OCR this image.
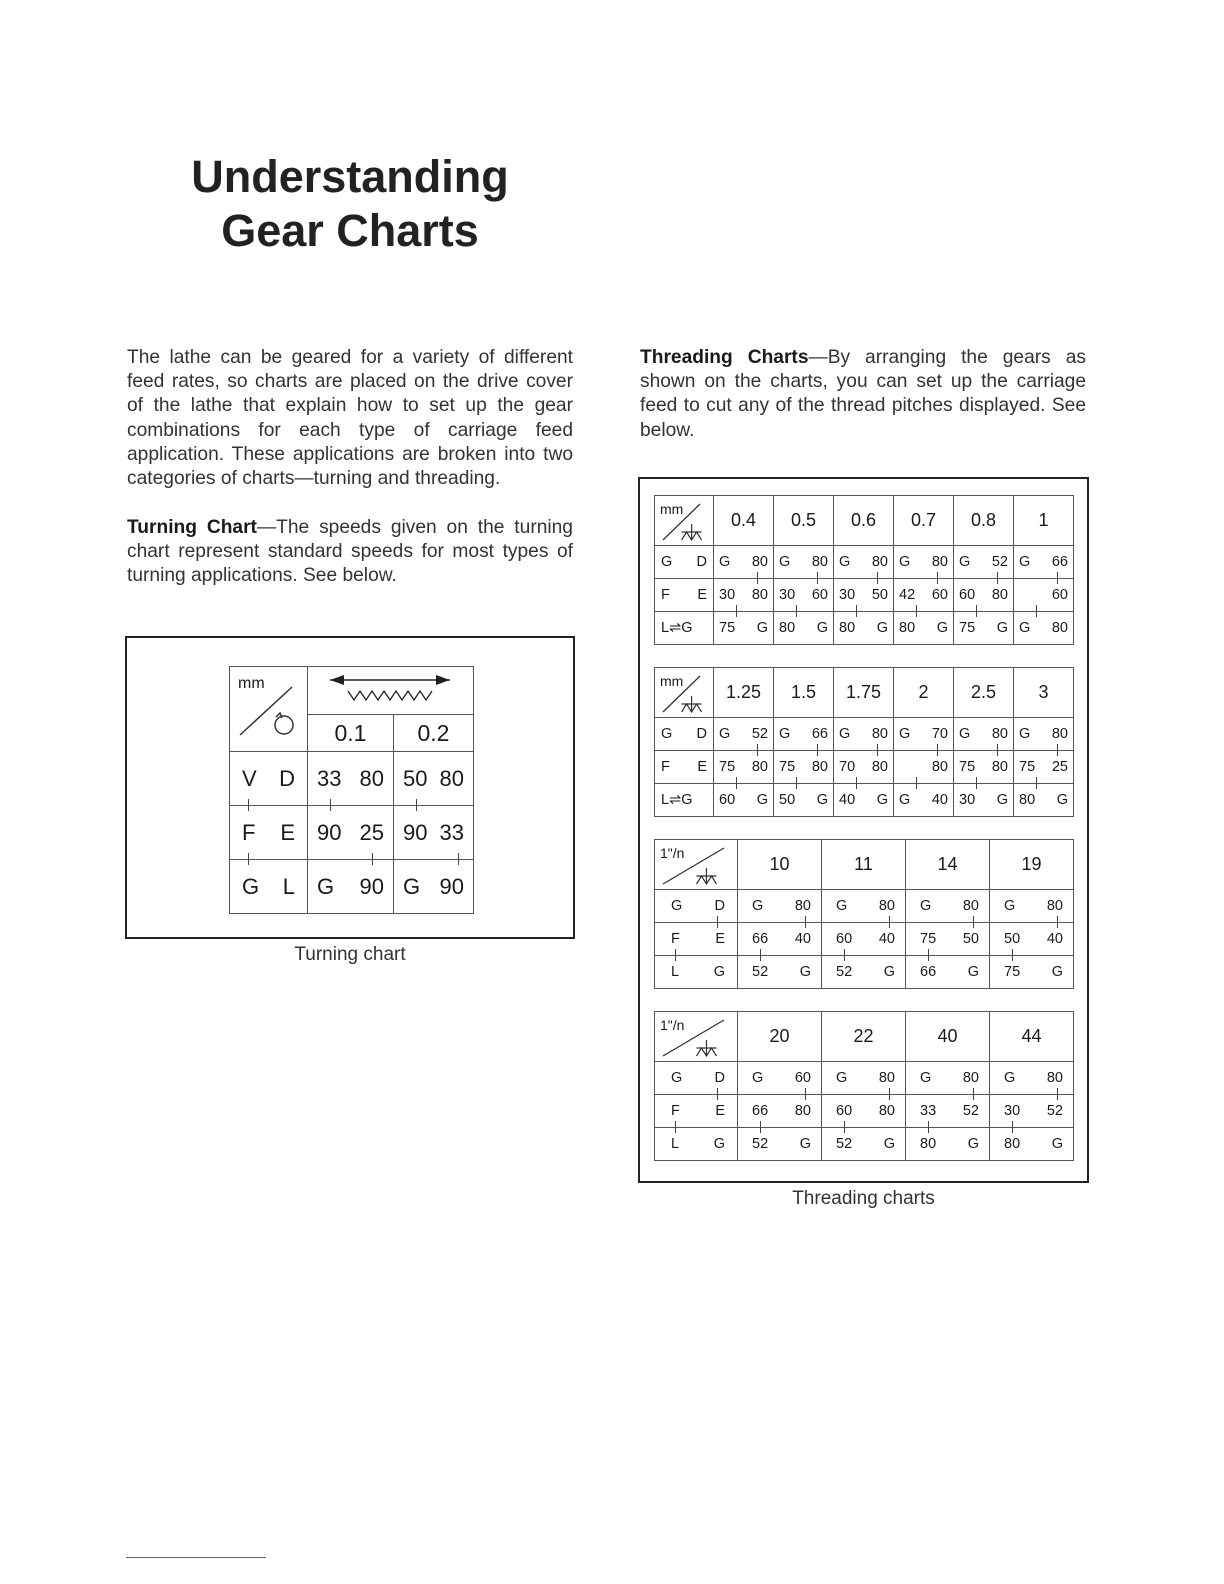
Understanding
Gear Charts
The lathe can be geared for a variety of different feed rates, so charts are placed on the drive cover of the lathe that explain how to set up the gear combinations for each type of carriage feed application. These applications are broken into two categories of charts—turning and threading.
Turning Chart—The speeds given on the turning chart represent standard speeds for most types of turning applications. See below.
Threading Charts—By arranging the gears as shown on the charts, you can set up the carriage feed to cut any of the thread pitches displayed. See below.
mm

	0.1	0.2

V D	33 80	50 80

F E	90 25	90 33

G L	G 90	G 90
Turning chart
mm	0.4	0.5	0.6	0.7	0.8	1

G D	G 80	G 80	G 80	G 80	G 52	G 66

F E	30 80	30 60	30 50	42 60	60 80	60

L⇌G	75 G	80 G	80 G	80 G	75 G	G 80
mm	1.25	1.5	1.75	2	2.5	3

G D	G 52	G 66	G 80	G 70	G 80	G 80

F E	75 80	75 80	70 80	80	75 80	75 25

L⇌G	60 G	50 G	40 G	G 40	30 G	80 G
1"/n	10	11	14	19

G D	G 80	G 80	G 80	G 80

F E	66 40	60 40	75 50	50 40

L G	52 G	52 G	66 G	75 G
1"/n	20	22	40	44

G D	G 60	G 80	G 80	G 80

F E	66 80	60 80	33 52	30 52

L G	52 G	52 G	80 G	80 G
Threading charts
